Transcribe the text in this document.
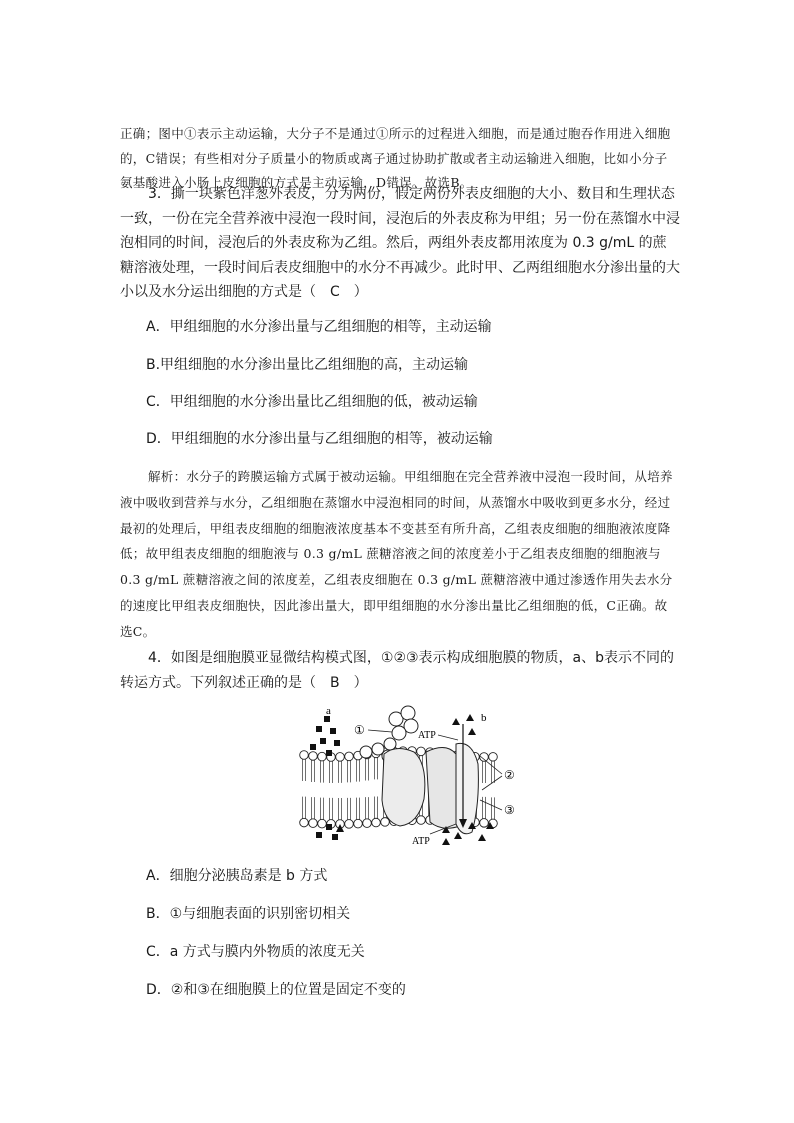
正确；图中①表示主动运输，大分子不是通过①所示的过程进入细胞，而是通过胞吞作用进入细胞的，C错误；有些相对分子质量小的物质或离子通过协助扩散或者主动运输进入细胞，比如小分子氨基酸进入小肠上皮细胞的方式是主动运输，D错误。故选B。
3．撕一块紫色洋葱外表皮，分为两份，假定两份外表皮细胞的大小、数目和生理状态一致，一份在完全营养液中浸泡一段时间，浸泡后的外表皮称为甲组；另一份在蒸馏水中浸泡相同的时间，浸泡后的外表皮称为乙组。然后，两组外表皮都用浓度为 0.3 g/mL 的蔗糖溶液处理，一段时间后表皮细胞中的水分不再减少。此时甲、乙两组细胞水分渗出量的大小以及水分运出细胞的方式是（　C　）
A．甲组细胞的水分渗出量与乙组细胞的相等，主动运输
B.甲组细胞的水分渗出量比乙组细胞的高，主动运输
C．甲组细胞的水分渗出量比乙组细胞的低，被动运输
D．甲组细胞的水分渗出量与乙组细胞的相等，被动运输
解析：水分子的跨膜运输方式属于被动运输。甲组细胞在完全营养液中浸泡一段时间，从培养液中吸收到营养与水分，乙组细胞在蒸馏水中浸泡相同的时间，从蒸馏水中吸收到更多水分，经过最初的处理后，甲组表皮细胞的细胞液浓度基本不变甚至有所升高，乙组表皮细胞的细胞液浓度降低；故甲组表皮细胞的细胞液与 0.3 g/mL 蔗糖溶液之间的浓度差小于乙组表皮细胞的细胞液与 0.3 g/mL 蔗糖溶液之间的浓度差，乙组表皮细胞在 0.3 g/mL 蔗糖溶液中通过渗透作用失去水分的速度比甲组表皮细胞快，因此渗出量大，即甲组细胞的水分渗出量比乙组细胞的低，C正确。故选C。
4．如图是细胞膜亚显微结构模式图，①②③表示构成细胞膜的物质，a、b表示不同的转运方式。下列叙述正确的是（　B　）
a
b
①	ATP
ATP
②
③
A．细胞分泌胰岛素是 b 方式
B．①与细胞表面的识别密切相关
C．a 方式与膜内外物质的浓度无关
D．②和③在细胞膜上的位置是固定不变的
